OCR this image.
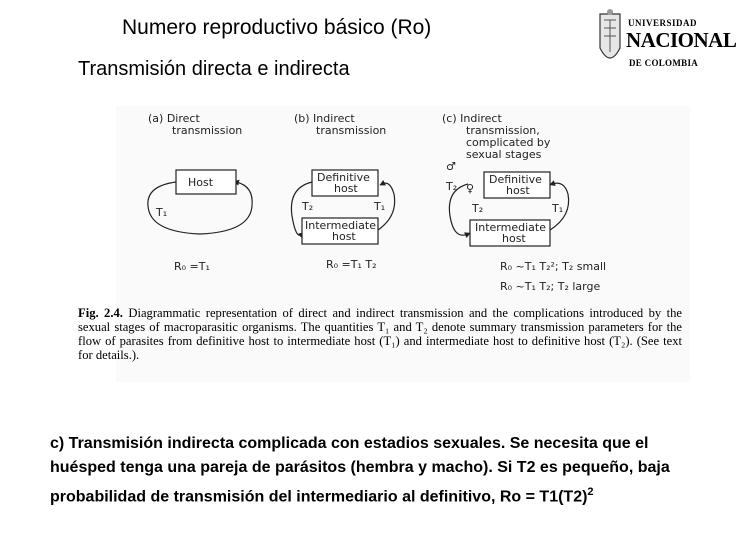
Numero reproductivo básico (Ro)
Transmisión directa e indirecta
UNIVERSIDAD
NACIONAL
DE COLOMBIA
(a) Direct
transmission
Host
T₁
R₀ =T₁
(b) Indirect
transmission
Definitive
host
Intermediate
host
T₂	T₁
R₀ =T₁ T₂
(c) Indirect
transmission,
complicated by
sexual stages
Definitive
host
Intermediate
host
♂
♀
T₂
T₂	T₁
R₀ ~T₁ T₂²; T₂ small
R₀ ~T₁ T₂; T₂ large
Fig. 2.4. Diagrammatic representation of direct and indirect transmission and the complications introduced by the sexual stages of macroparasitic organisms. The quantities T₁ and T₂ denote summary transmission parameters for the flow of parasites from definitive host to intermediate host (T₁) and intermediate host to definitive host (T₂). (See text for details.).
c) Transmisión indirecta complicada con estadios sexuales. Se necesita que el huésped tenga una pareja de parásitos (hembra y macho). Si T2 es pequeño, baja probabilidad de transmisión del intermediario al definitivo, $Ro = T1(T2)^2$
